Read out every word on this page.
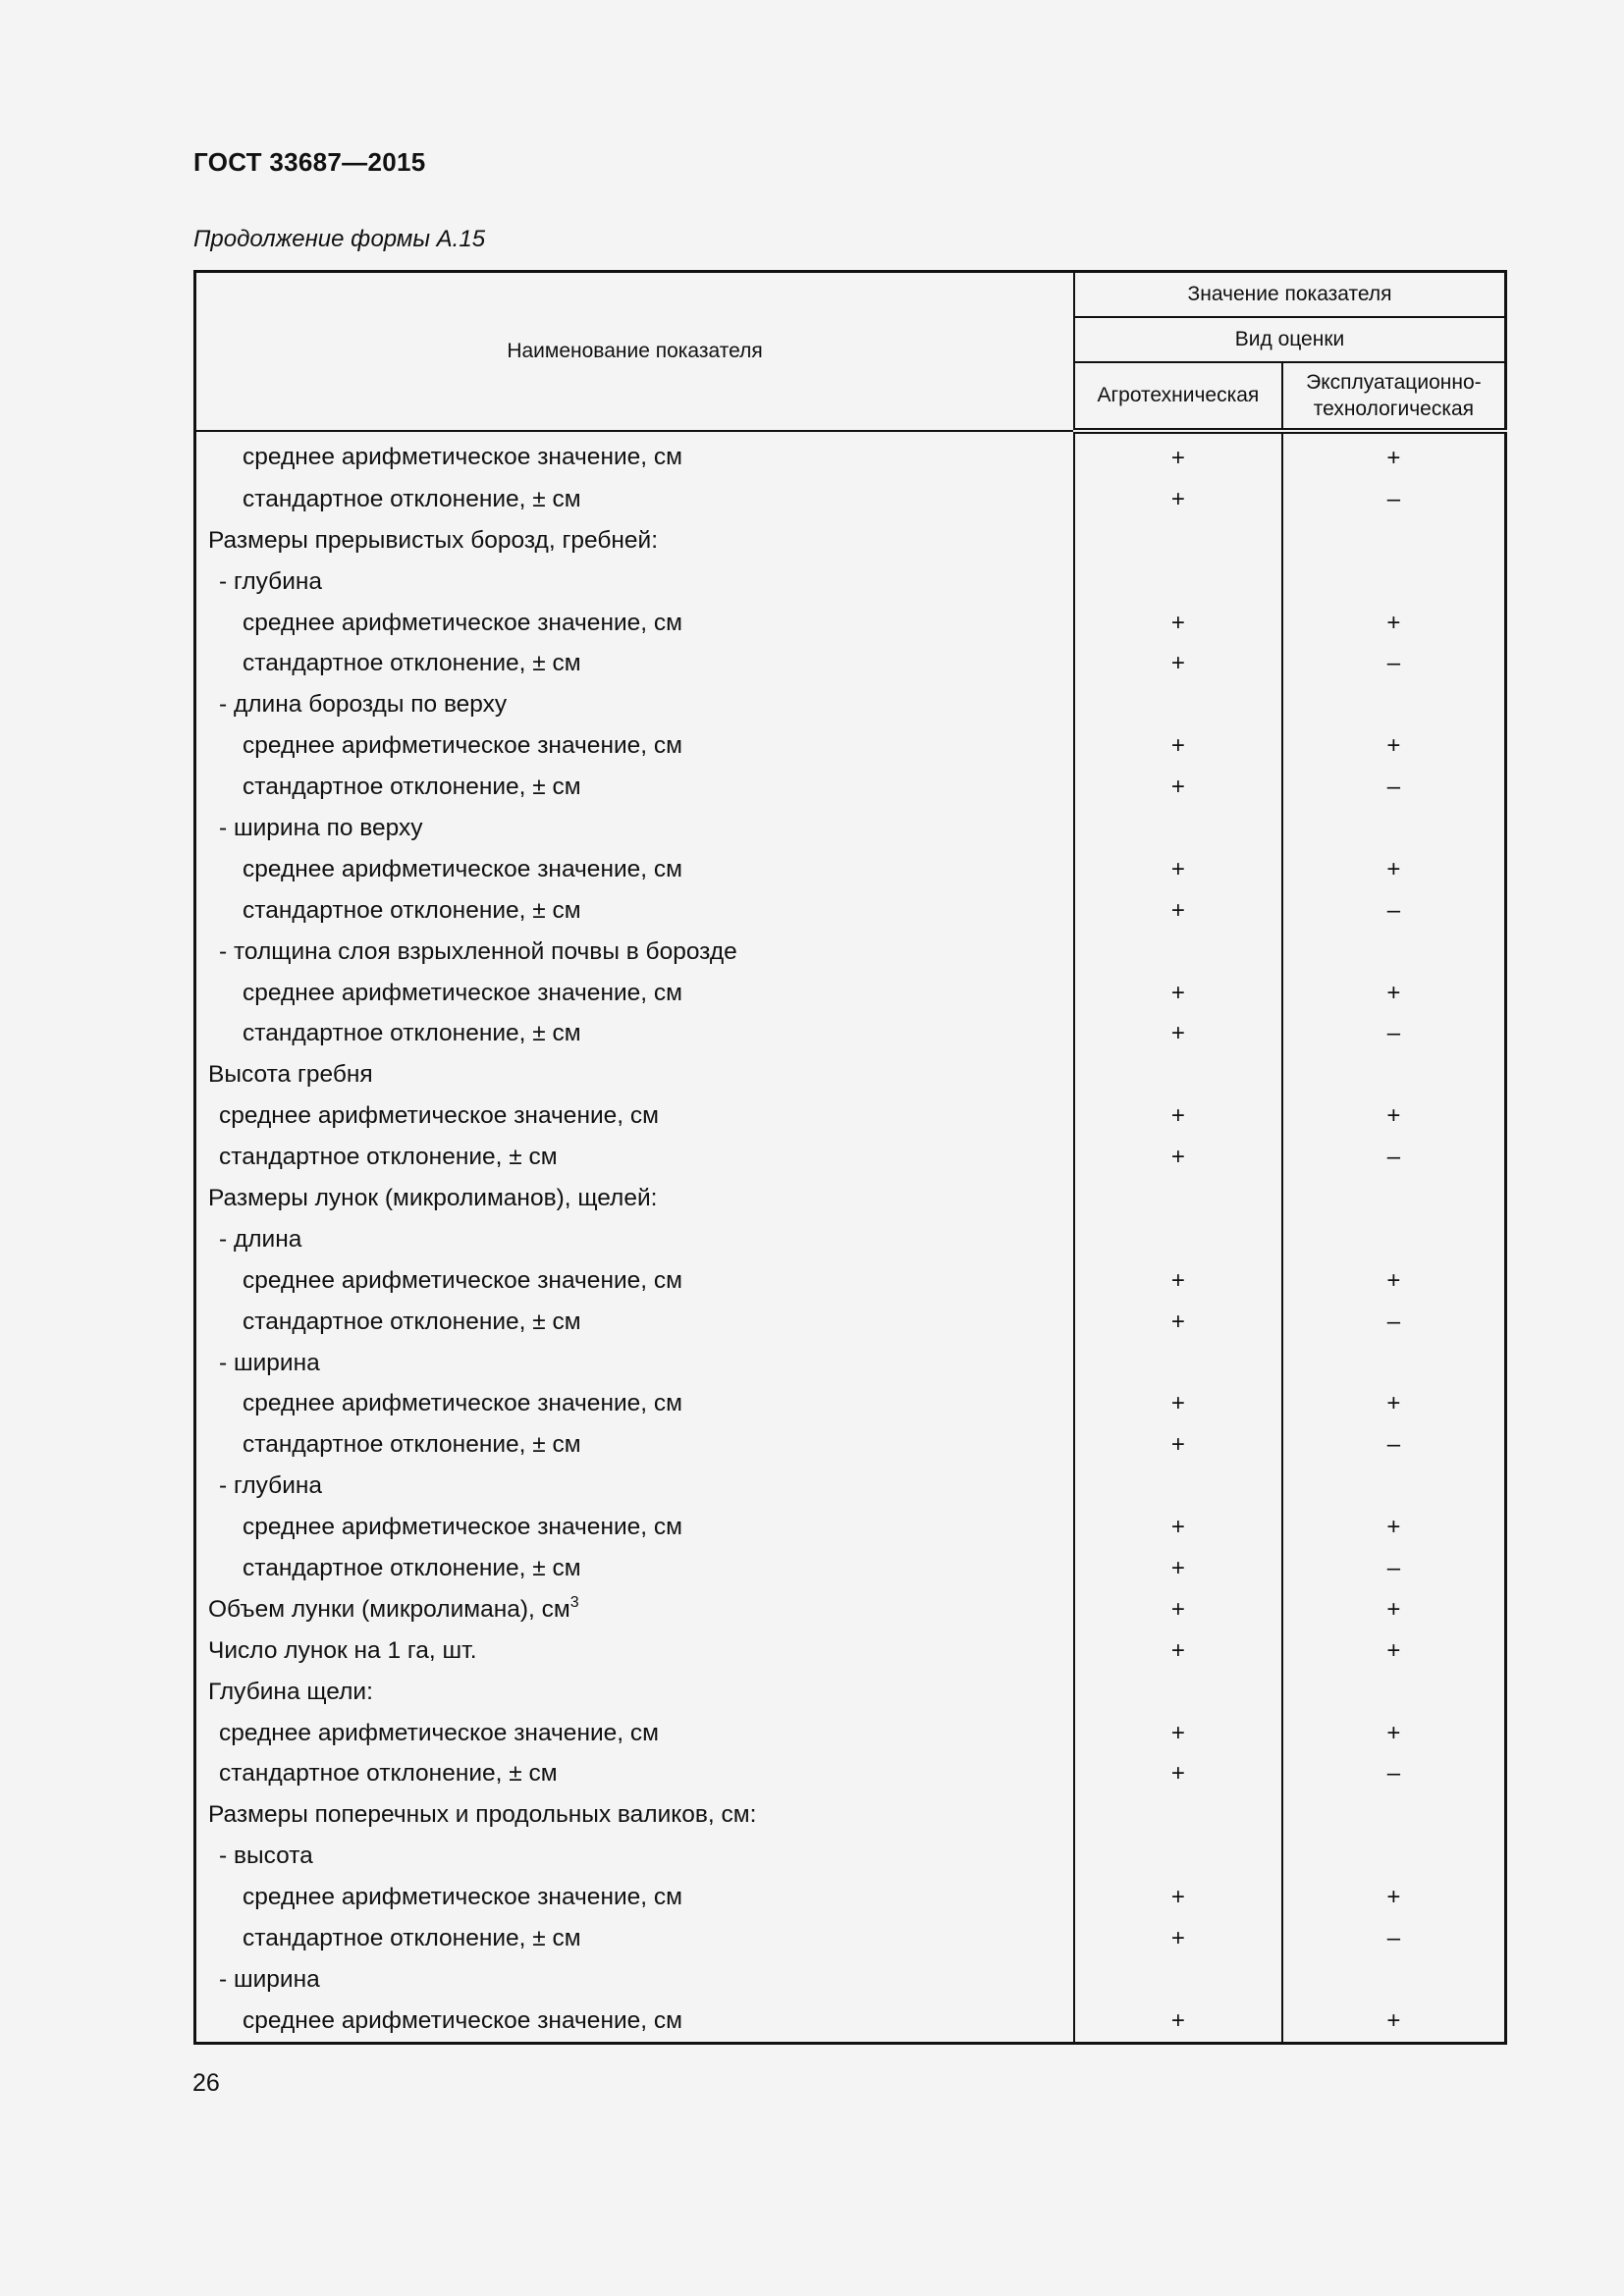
ГОСТ 33687—2015
Продолжение формы А.15
Наименование показателя	Значение показателя	
	Вид оценки	
	Агротехническая	Эксплуатационно-технологическая
среднее арифметическое значение, см	+	+
стандартное отклонение, ± см	+	–
Размеры прерывистых борозд, гребней:		
- глубина		
среднее арифметическое значение, см	+	+
стандартное отклонение, ± см	+	–
- длина борозды по верху		
среднее арифметическое значение, см	+	+
стандартное отклонение, ± см	+	–
- ширина по верху		
среднее арифметическое значение, см	+	+
стандартное отклонение, ± см	+	–
- толщина слоя взрыхленной почвы в борозде		
среднее арифметическое значение, см	+	+
стандартное отклонение, ± см	+	–
Высота гребня		
среднее арифметическое значение, см	+	+
стандартное отклонение, ± см	+	–
Размеры лунок (микролиманов), щелей:		
- длина		
среднее арифметическое значение, см	+	+
стандартное отклонение, ± см	+	–
- ширина		
среднее арифметическое значение, см	+	+
стандартное отклонение, ± см	+	–
- глубина		
среднее арифметическое значение, см	+	+
стандартное отклонение, ± см	+	–
Объем лунки (микролимана), $см^3$	+	+
Число лунок на 1 га, шт.	+	+
Глубина щели:		
среднее арифметическое значение, см	+	+
стандартное отклонение, ± см	+	–
Размеры поперечных и продольных валиков, см:		
- высота		
среднее арифметическое значение, см	+	+
стандартное отклонение, ± см	+	–
- ширина		
среднее арифметическое значение, см	+	+
26
